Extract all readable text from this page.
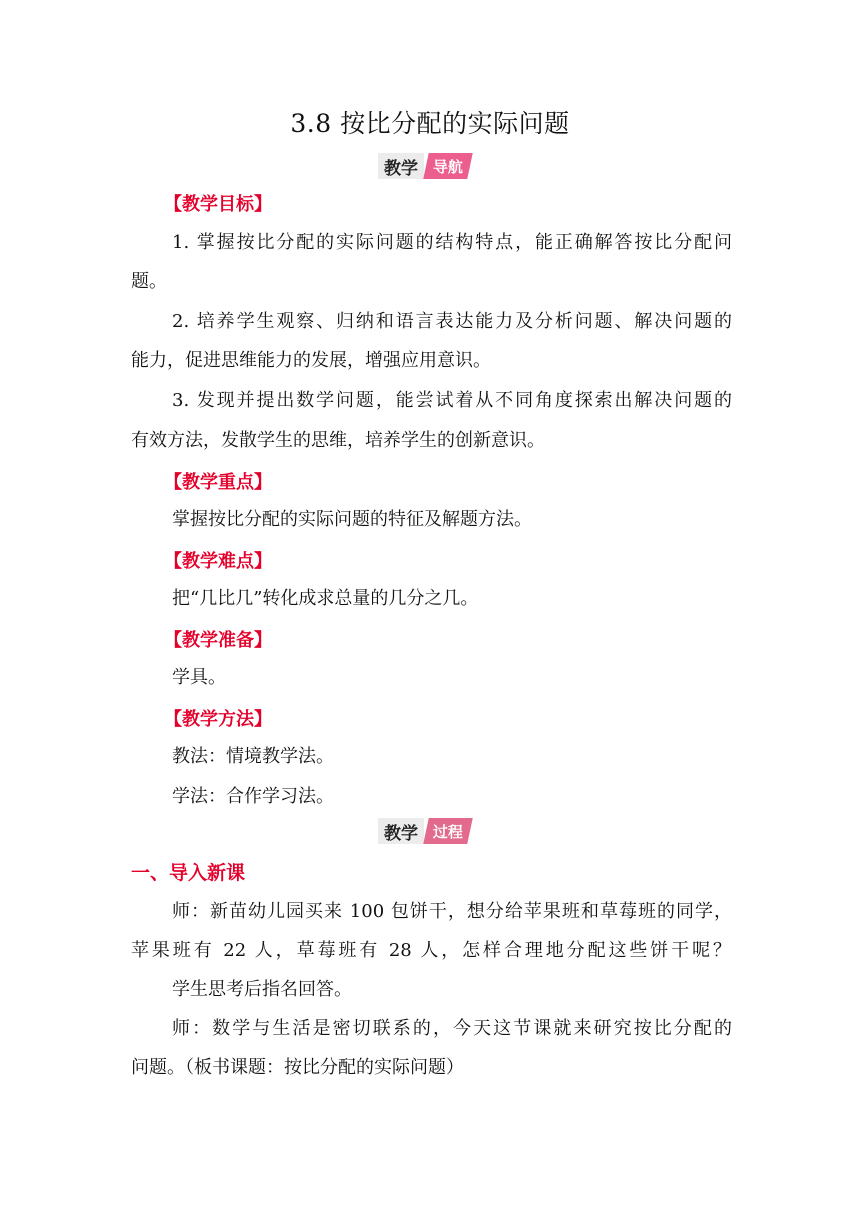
3.8 按比分配的实际问题
教学	导航
【教学目标】
1. 掌握按比分配的实际问题的结构特点，能正确解答按比分配问
题。
2. 培养学生观察、归纳和语言表达能力及分析问题、解决问题的
能力，促进思维能力的发展，增强应用意识。
3. 发现并提出数学问题，能尝试着从不同角度探索出解决问题的
有效方法，发散学生的思维，培养学生的创新意识。
【教学重点】
掌握按比分配的实际问题的特征及解题方法。
【教学难点】
把“几比几”转化成求总量的几分之几。
【教学准备】
学具。
【教学方法】
教法：情境教学法。
学法：合作学习法。
教学	过程
一、导入新课
师：新苗幼儿园买来 100 包饼干，想分给苹果班和草莓班的同学，
苹果班有 22 人，草莓班有 28 人，怎样合理地分配这些饼干呢？
学生思考后指名回答。
师：数学与生活是密切联系的，今天这节课就来研究按比分配的
问题。（板书课题：按比分配的实际问题）
